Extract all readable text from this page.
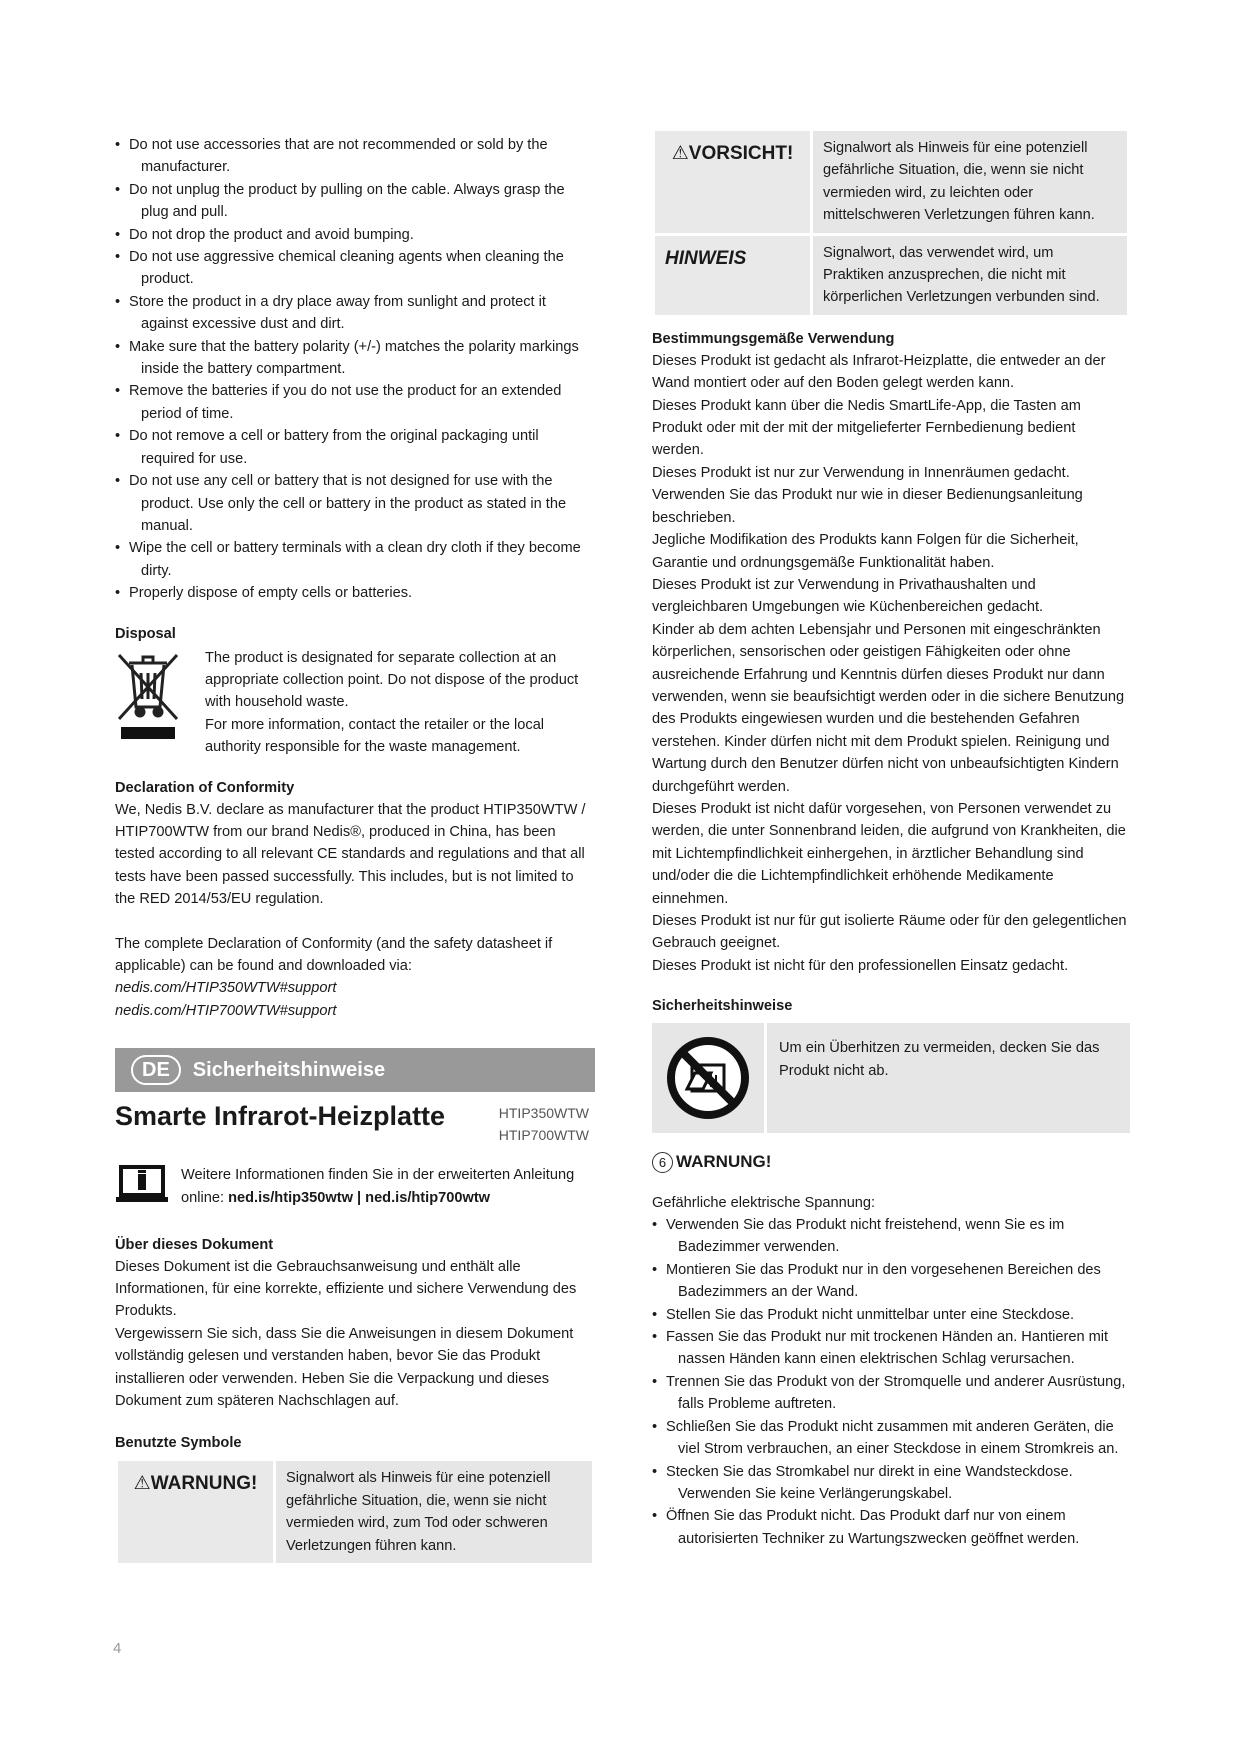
• Do not use accessories that are not recommended or sold by the manufacturer.
• Do not unplug the product by pulling on the cable. Always grasp the plug and pull.
• Do not drop the product and avoid bumping.
• Do not use aggressive chemical cleaning agents when cleaning the product.
• Store the product in a dry place away from sunlight and protect it against excessive dust and dirt.
• Make sure that the battery polarity (+/-) matches the polarity markings inside the battery compartment.
• Remove the batteries if you do not use the product for an extended period of time.
• Do not remove a cell or battery from the original packaging until required for use.
• Do not use any cell or battery that is not designed for use with the product. Use only the cell or battery in the product as stated in the manual.
• Wipe the cell or battery terminals with a clean dry cloth if they become dirty.
• Properly dispose of empty cells or batteries.
Disposal

The product is designated for separate collection at an appropriate collection point. Do not dispose of the product with household waste.

For more information, contact the retailer or the local authority responsible for the waste management.

Declaration of Conformity

We, Nedis B.V. declare as manufacturer that the product HTIP350WTW / HTIP700WTW from our brand Nedis®, produced in China, has been tested according to all relevant CE standards and regulations and that all tests have been passed successfully. This includes, but is not limited to the RED 2014/53/EU regulation.

The complete Declaration of Conformity (and the safety datasheet if applicable) can be found and downloaded via:

nedis.com/HTIP350WTW#support

nedis.com/HTIP700WTW#support

DE	Sicherheitshinweise
Smarte Infrarot-Heizplatte	HTIP350WTW
HTIP700WTW
Weitere Informationen finden Sie in der erweiterten Anleitung online: ned.is/htip350wtw | ned.is/htip700wtw
Über dieses Dokument

Dieses Dokument ist die Gebrauchsanweisung und enthält alle Informationen, für eine korrekte, effiziente und sichere Verwendung des Produkts.

Vergewissern Sie sich, dass Sie die Anweisungen in diesem Dokument vollständig gelesen und verstanden haben, bevor Sie das Produkt installieren oder verwenden. Heben Sie die Verpackung und dieses Dokument zum späteren Nachschlagen auf.

Benutzte Symbole
⚠WARNUNG!	Signalwort als Hinweis für eine potenziell gefährliche Situation, die, wenn sie nicht vermieden wird, zum Tod oder schweren Verletzungen führen kann.
⚠VORSICHT!	Signalwort als Hinweis für eine potenziell gefährliche Situation, die, wenn sie nicht vermieden wird, zu leichten oder mittelschweren Verletzungen führen kann.
HINWEIS	Signalwort, das verwendet wird, um Praktiken anzusprechen, die nicht mit körperlichen Verletzungen verbunden sind.
Bestimmungsgemäße Verwendung

Dieses Produkt ist gedacht als Infrarot-Heizplatte, die entweder an der Wand montiert oder auf den Boden gelegt werden kann.

Dieses Produkt kann über die Nedis SmartLife-App, die Tasten am Produkt oder mit der mit der mitgelieferter Fernbedienung bedient werden.

Dieses Produkt ist nur zur Verwendung in Innenräumen gedacht.

Verwenden Sie das Produkt nur wie in dieser Bedienungsanleitung beschrieben.

Jegliche Modifikation des Produkts kann Folgen für die Sicherheit, Garantie und ordnungsgemäße Funktionalität haben.

Dieses Produkt ist zur Verwendung in Privathaushalten und vergleichbaren Umgebungen wie Küchenbereichen gedacht.

Kinder ab dem achten Lebensjahr und Personen mit eingeschränkten körperlichen, sensorischen oder geistigen Fähigkeiten oder ohne ausreichende Erfahrung und Kenntnis dürfen dieses Produkt nur dann verwenden, wenn sie beaufsichtigt werden oder in die sichere Benutzung des Produkts eingewiesen wurden und die bestehenden Gefahren verstehen. Kinder dürfen nicht mit dem Produkt spielen. Reinigung und Wartung durch den Benutzer dürfen nicht von unbeaufsichtigten Kindern durchgeführt werden.

Dieses Produkt ist nicht dafür vorgesehen, von Personen verwendet zu werden, die unter Sonnenbrand leiden, die aufgrund von Krankheiten, die mit Lichtempfindlichkeit einhergehen, in ärztlicher Behandlung sind und/oder die die Lichtempfindlichkeit erhöhende Medikamente einnehmen.

Dieses Produkt ist nur für gut isolierte Räume oder für den gelegentlichen Gebrauch geeignet.

Dieses Produkt ist nicht für den professionellen Einsatz gedacht.

Sicherheitshinweise
Um ein Überhitzen zu vermeiden, decken Sie das Produkt nicht ab.
6 WARNUNG!

Gefährliche elektrische Spannung:

• Verwenden Sie das Produkt nicht freistehend, wenn Sie es im Badezimmer verwenden.
• Montieren Sie das Produkt nur in den vorgesehenen Bereichen des Badezimmers an der Wand.
• Stellen Sie das Produkt nicht unmittelbar unter eine Steckdose.
• Fassen Sie das Produkt nur mit trockenen Händen an. Hantieren mit nassen Händen kann einen elektrischen Schlag verursachen.
• Trennen Sie das Produkt von der Stromquelle und anderer Ausrüstung, falls Probleme auftreten.
• Schließen Sie das Produkt nicht zusammen mit anderen Geräten, die viel Strom verbrauchen, an einer Steckdose in einem Stromkreis an.
• Stecken Sie das Stromkabel nur direkt in eine Wandsteckdose. Verwenden Sie keine Verlängerungskabel.
• Öffnen Sie das Produkt nicht. Das Produkt darf nur von einem autorisierten Techniker zu Wartungszwecken geöffnet werden.
4
